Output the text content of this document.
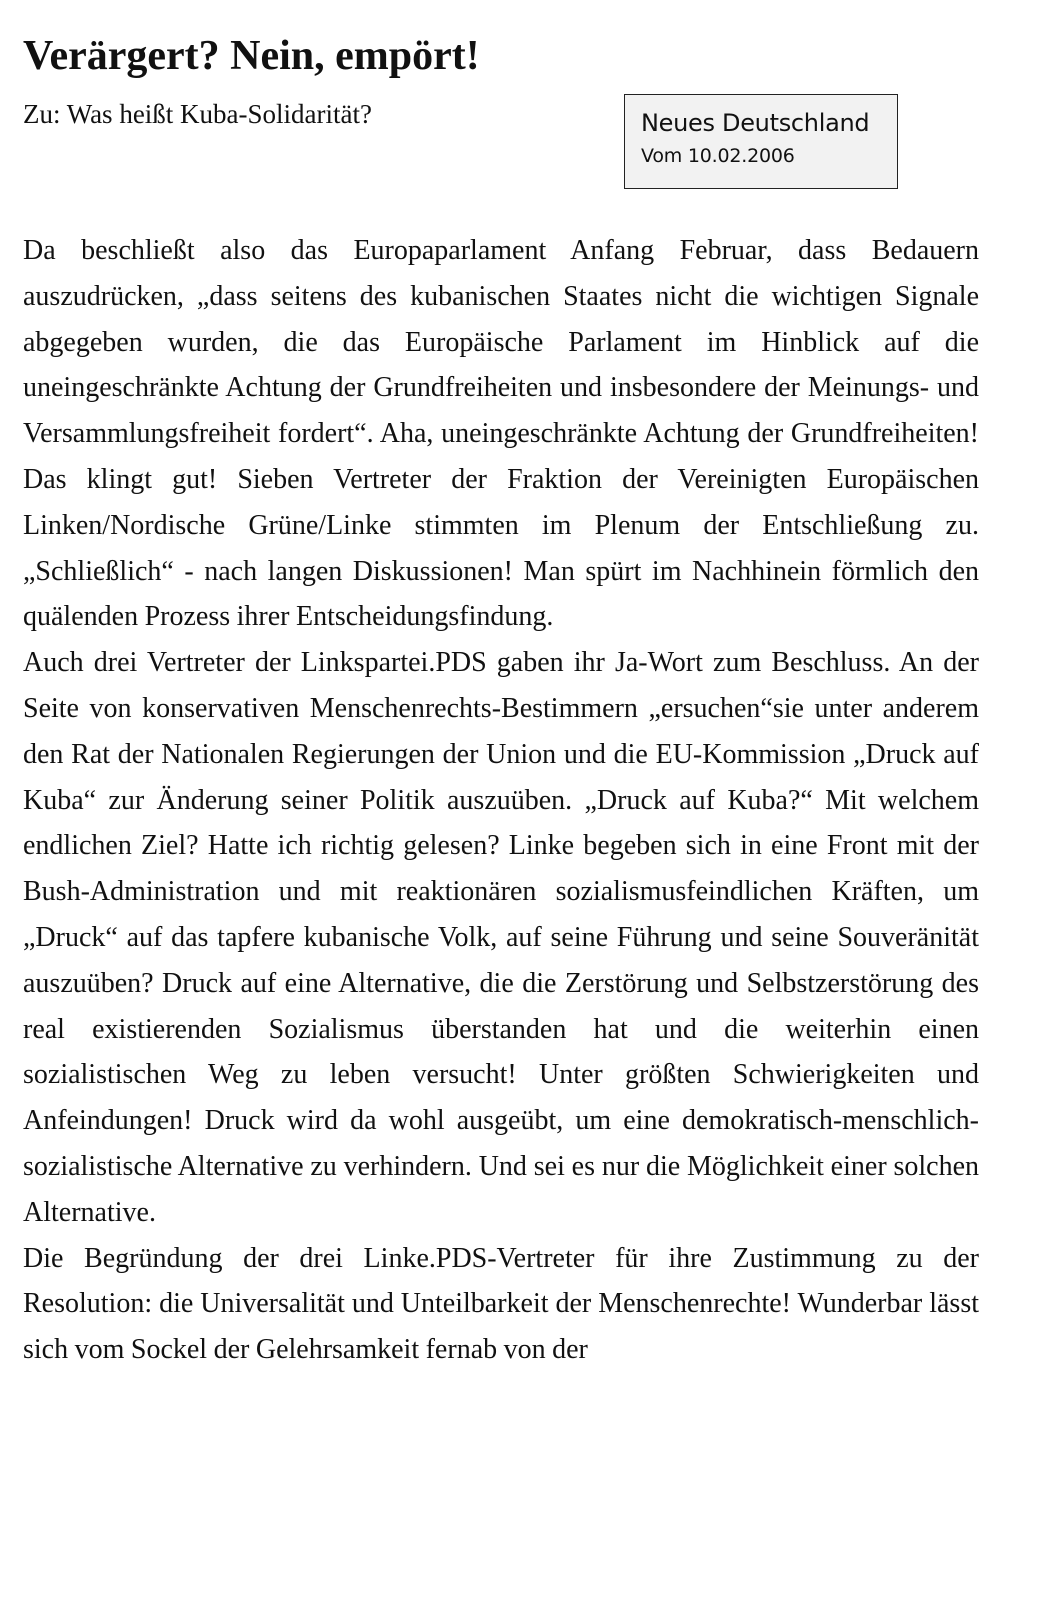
Verärgert? Nein, empört!

Zu: Was heißt Kuba-Solidarität?	Neues Deutschland
Vom 10.02.2006

Da beschließt also das Europaparlament Anfang Februar, dass Bedauern auszudrücken, „dass seitens des kubanischen Staates nicht die wichtigen Signale abgegeben wurden, die das Europäische Parlament im Hinblick auf die uneingeschränkte Achtung der Grundfreiheiten und insbesondere der Meinungs- und Versammlungsfreiheit fordert“. Aha, uneingeschränkte Achtung der Grundfreiheiten! Das klingt gut! Sieben Vertreter der Fraktion der Vereinigten Europäischen Linken/Nordische Grüne/Linke stimmten im Plenum der Entschließung zu. „Schließlich“ - nach langen Diskussionen! Man spürt im Nachhinein förmlich den quälenden Prozess ihrer Entscheidungsfindung.

Auch drei Vertreter der Linkspartei.PDS gaben ihr Ja-Wort zum Beschluss. An der Seite von konservativen Menschenrechts-Bestimmern „ersuchen“sie unter anderem den Rat der Nationalen Regierungen der Union und die EU-Kommission „Druck auf Kuba“ zur Änderung seiner Politik auszuüben. „Druck auf Kuba?“ Mit welchem endlichen Ziel? Hatte ich richtig gelesen? Linke begeben sich in eine Front mit der Bush-Administration und mit reaktionären sozialismusfeindlichen Kräften, um „Druck“ auf das tapfere kubanische Volk, auf seine Führung und seine Souveränität auszuüben? Druck auf eine Alternative, die die Zerstörung und Selbstzerstörung des real existierenden Sozialismus überstanden hat und die weiterhin einen sozialistischen Weg zu leben versucht! Unter größten Schwierigkeiten und Anfeindungen! Druck wird da wohl ausgeübt, um eine demokratisch-menschlich-sozialistische Alternative zu verhindern. Und sei es nur die Möglichkeit einer solchen Alternative.

Die Begründung der drei Linke.PDS-Vertreter für ihre Zustimmung zu der Resolution: die Universalität und Unteilbarkeit der Menschenrechte! Wunderbar lässt sich vom Sockel der Gelehrsamkeit fernab von der
